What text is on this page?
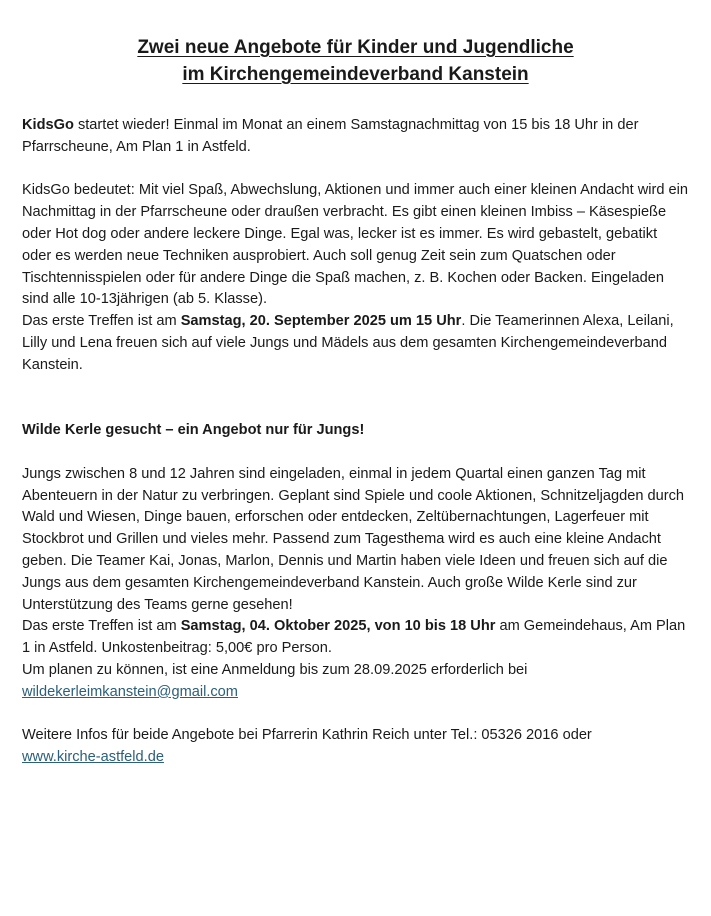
Zwei neue Angebote für Kinder und Jugendliche
im Kirchengemeindeverband Kanstein

KidsGo startet wieder! Einmal im Monat an einem Samstagnachmittag von 15 bis 18 Uhr in der Pfarrscheune, Am Plan 1 in Astfeld.

KidsGo bedeutet: Mit viel Spaß, Abwechslung, Aktionen und immer auch einer kleinen Andacht wird ein Nachmittag in der Pfarrscheune oder draußen verbracht. Es gibt einen kleinen Imbiss – Käsespieße oder Hot dog oder andere leckere Dinge. Egal was, lecker ist es immer. Es wird gebastelt, gebatikt oder es werden neue Techniken ausprobiert. Auch soll genug Zeit sein zum Quatschen oder Tischtennisspielen oder für andere Dinge die Spaß machen, z. B. Kochen oder Backen. Eingeladen sind alle 10-13jährigen (ab 5. Klasse).

Das erste Treffen ist am Samstag, 20. September 2025 um 15 Uhr. Die Teamerinnen Alexa, Leilani, Lilly und Lena freuen sich auf viele Jungs und Mädels aus dem gesamten Kirchengemeindeverband Kanstein.

Wilde Kerle gesucht – ein Angebot nur für Jungs!

Jungs zwischen 8 und 12 Jahren sind eingeladen, einmal in jedem Quartal einen ganzen Tag mit Abenteuern in der Natur zu verbringen. Geplant sind Spiele und coole Aktionen, Schnitzeljagden durch Wald und Wiesen, Dinge bauen, erforschen oder entdecken, Zeltübernachtungen, Lagerfeuer mit Stockbrot und Grillen und vieles mehr. Passend zum Tagesthema wird es auch eine kleine Andacht geben. Die Teamer Kai, Jonas, Marlon, Dennis und Martin haben viele Ideen und freuen sich auf die Jungs aus dem gesamten Kirchengemeindeverband Kanstein. Auch große Wilde Kerle sind zur Unterstützung des Teams gerne gesehen!

Das erste Treffen ist am Samstag, 04. Oktober 2025, von 10 bis 18 Uhr am Gemeindehaus, Am Plan 1 in Astfeld. Unkostenbeitrag: 5,00€ pro Person.

Um planen zu können, ist eine Anmeldung bis zum 28.09.2025 erforderlich bei

wildekerleimkanstein@gmail.com

Weitere Infos für beide Angebote bei Pfarrerin Kathrin Reich unter Tel.: 05326 2016 oder

www.kirche-astfeld.de
